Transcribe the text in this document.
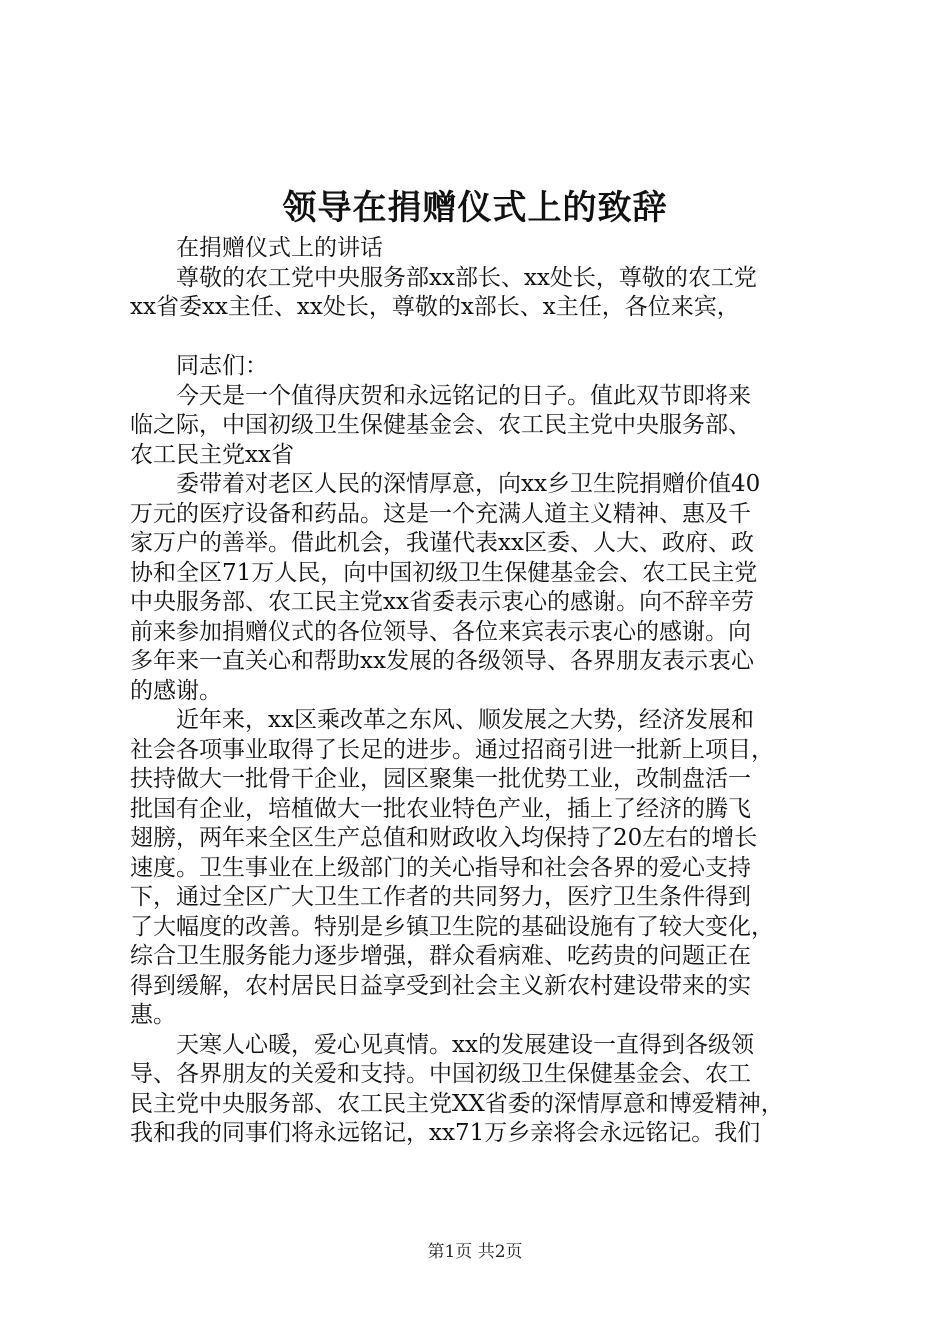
领导在捐赠仪式上的致辞

在捐赠仪式上的讲话

尊敬的农工党中央服务部xx部长、xx处长，尊敬的农工党
xx省委xx主任、xx处长，尊敬的x部长、x主任，各位来宾，

同志们：

今天是一个值得庆贺和永远铭记的日子。值此双节即将来
临之际，中国初级卫生保健基金会、农工民主党中央服务部、
农工民主党xx省

委带着对老区人民的深情厚意，向xx乡卫生院捐赠价值40
万元的医疗设备和药品。这是一个充满人道主义精神、惠及千
家万户的善举。借此机会，我谨代表xx区委、人大、政府、政
协和全区71万人民，向中国初级卫生保健基金会、农工民主党
中央服务部、农工民主党xx省委表示衷心的感谢。向不辞辛劳
前来参加捐赠仪式的各位领导、各位来宾表示衷心的感谢。向
多年来一直关心和帮助xx发展的各级领导、各界朋友表示衷心
的感谢。

近年来，xx区乘改革之东风、顺发展之大势，经济发展和
社会各项事业取得了长足的进步。通过招商引进一批新上项目，
扶持做大一批骨干企业，园区聚集一批优势工业，改制盘活一
批国有企业，培植做大一批农业特色产业，插上了经济的腾飞
翅膀，两年来全区生产总值和财政收入均保持了20左右的增长
速度。卫生事业在上级部门的关心指导和社会各界的爱心支持
下，通过全区广大卫生工作者的共同努力，医疗卫生条件得到
了大幅度的改善。特别是乡镇卫生院的基础设施有了较大变化，
综合卫生服务能力逐步增强，群众看病难、吃药贵的问题正在
得到缓解，农村居民日益享受到社会主义新农村建设带来的实
惠。

天寒人心暖，爱心见真情。xx的发展建设一直得到各级领
导、各界朋友的关爱和支持。中国初级卫生保健基金会、农工
民主党中央服务部、农工民主党XX省委的深情厚意和博爱精神，
我和我的同事们将永远铭记，xx71万乡亲将会永远铭记。我们

第1页 共2页
